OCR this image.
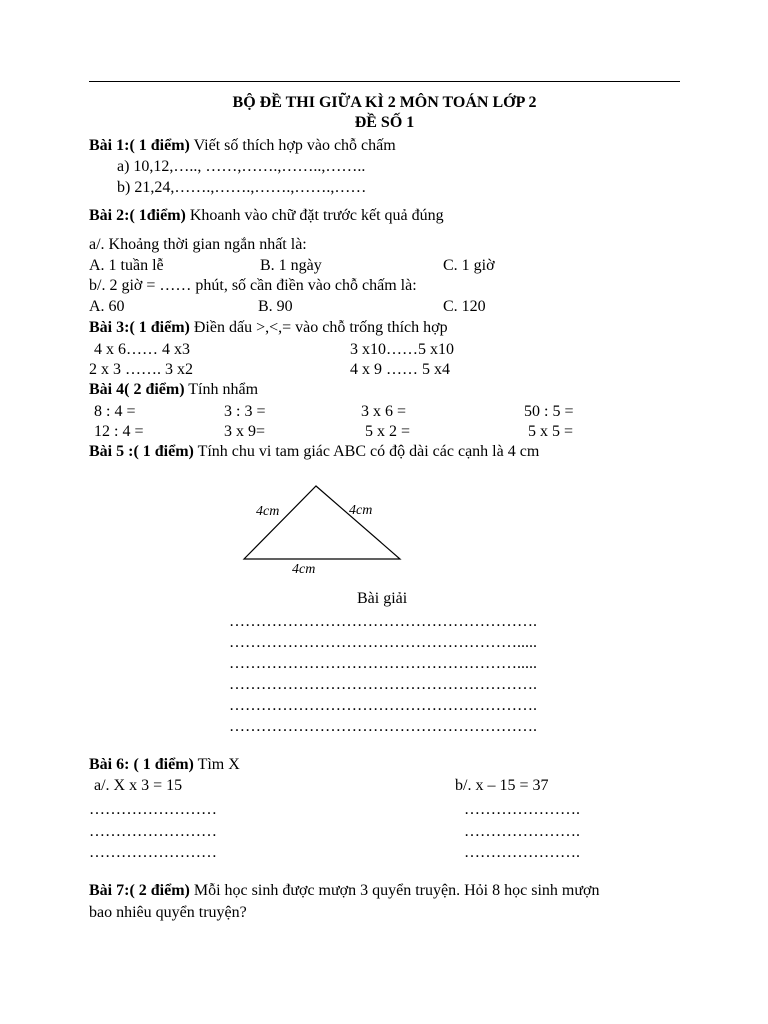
BỘ ĐỀ THI GIỮA KÌ 2 MÔN TOÁN LỚP 2
ĐỀ SỐ 1
Bài 1:( 1 điểm) Viết số thích hợp vào chỗ chấm
a) 10,12,….., ……,…….,……..,……..
b) 21,24,…….,…….,…….,…….,……
Bài 2:( 1điểm) Khoanh vào chữ đặt trước kết quả đúng
a/. Khoảng thời gian ngắn nhất là:
A. 1 tuần lễ	B. 1 ngày	C. 1 giờ
b/. 2 giờ = …… phút, số cần điền vào chỗ chấm là:
A. 60	B. 90	C. 120
Bài 3:( 1 điểm) Điền dấu >,<,= vào chỗ trống thích hợp
4 x 6…… 4 x3	3 x10……5 x10
2 x 3 ……. 3 x2	4 x 9 …… 5 x4
Bài 4( 2 điểm) Tính nhẩm
8 : 4 =	3 : 3 =	3 x 6 =	50 : 5 =
12 : 4 =	3 x 9=	5 x 2 =	5 x 5 =
Bài 5 :( 1 điểm) Tính chu vi tam giác ABC có độ dài các cạnh là 4 cm
4cm	4cm
4cm
Bài giải
………………………………………………….
……………………………………………….....
……………………………………………….....
………………………………………………….
………………………………………………….
………………………………………………….
Bài 6: ( 1 điểm) Tìm X
a/. X x 3 = 15	b/. x – 15 = 37
……………………
……………………
……………………
………………….
………………….
………………….
Bài 7:( 2 điểm) Mỗi học sinh được mượn 3 quyển truyện. Hỏi 8 học sinh mượn
bao nhiêu quyển truyện?
